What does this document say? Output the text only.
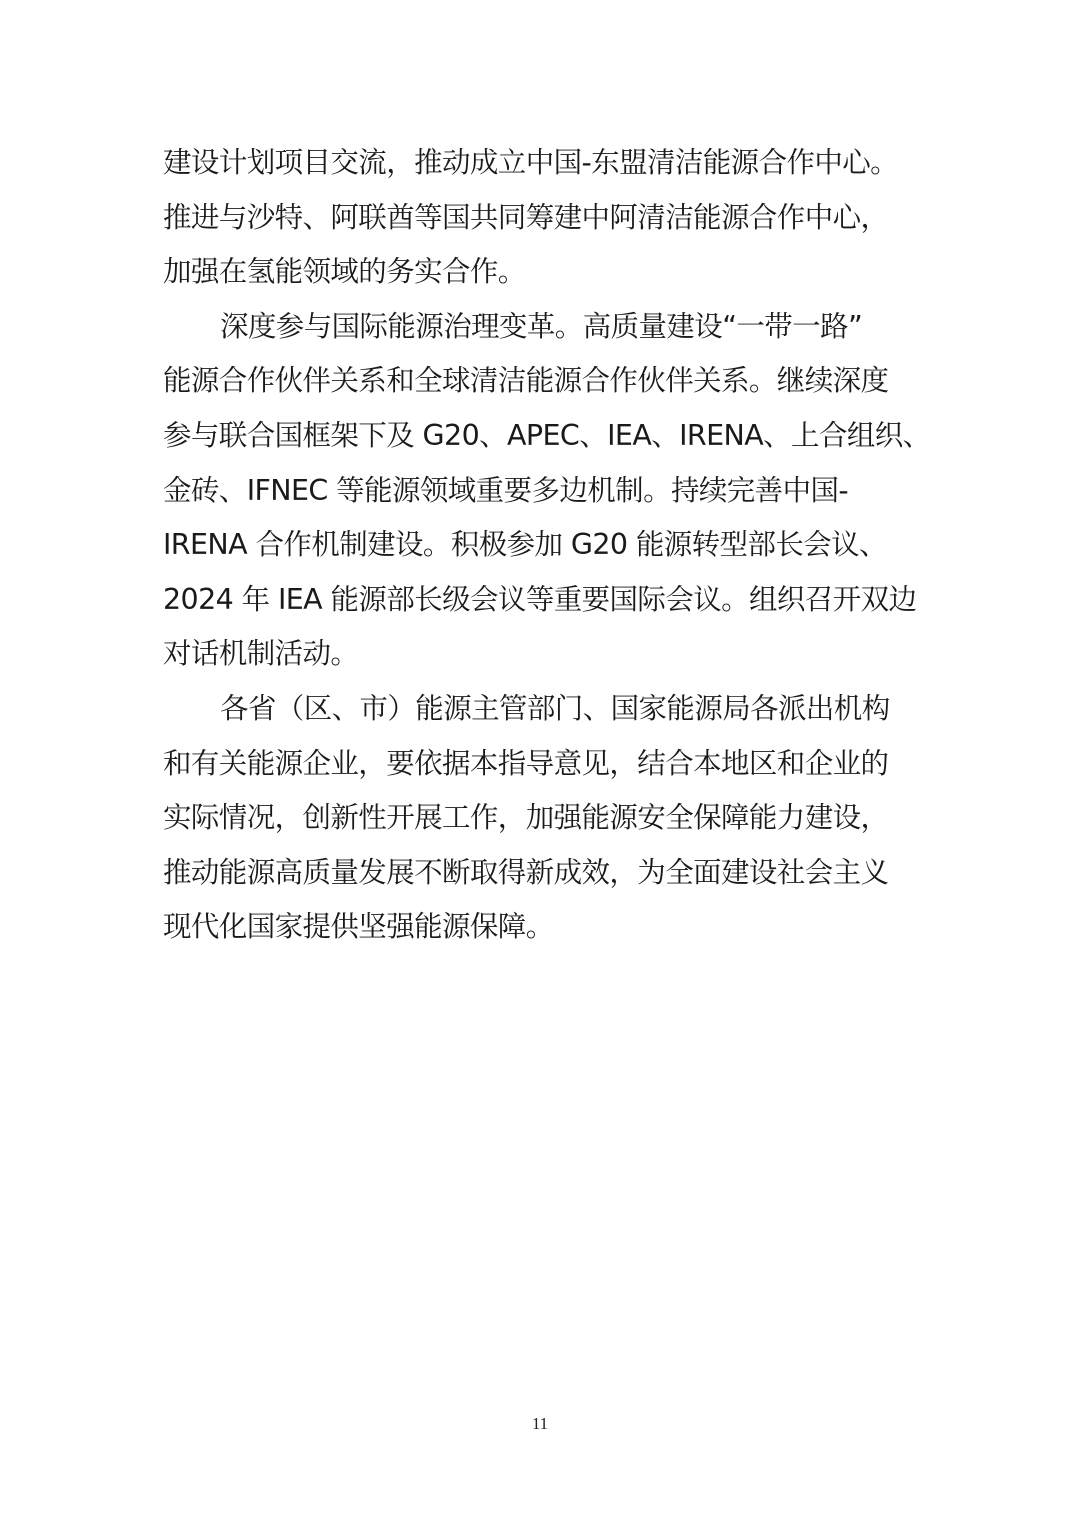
建设计划项目交流，推动成立中国-东盟清洁能源合作中心。
推进与沙特、阿联酋等国共同筹建中阿清洁能源合作中心，
加强在氢能领域的务实合作。
深度参与国际能源治理变革。高质量建设“一带一路”
能源合作伙伴关系和全球清洁能源合作伙伴关系。继续深度
参与联合国框架下及 G20、APEC、IEA、IRENA、上合组织、
金砖、IFNEC 等能源领域重要多边机制。持续完善中国-
IRENA 合作机制建设。积极参加 G20 能源转型部长会议、
2024 年 IEA 能源部长级会议等重要国际会议。组织召开双边
对话机制活动。
各省（区、市）能源主管部门、国家能源局各派出机构
和有关能源企业，要依据本指导意见，结合本地区和企业的
实际情况，创新性开展工作，加强能源安全保障能力建设，
推动能源高质量发展不断取得新成效，为全面建设社会主义
现代化国家提供坚强能源保障。
11
